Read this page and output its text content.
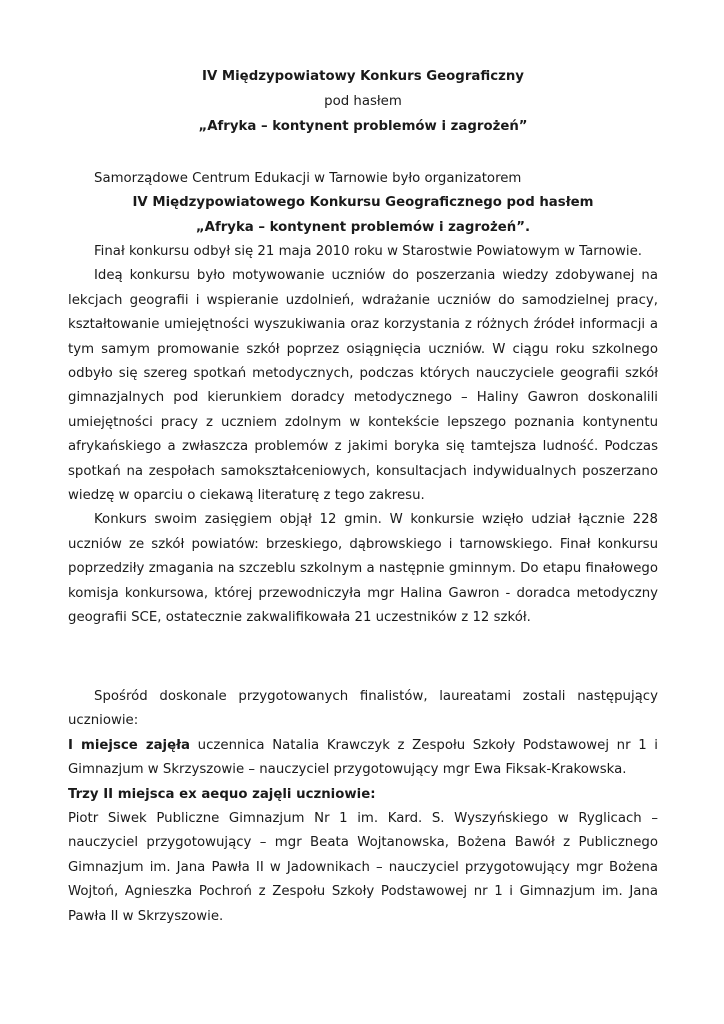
IV Międzypowiatowy Konkurs Geograficzny

pod hasłem

„Afryka – kontynent problemów i zagrożeń”

Samorządowe Centrum Edukacji w Tarnowie było organizatorem

IV Międzypowiatowego Konkursu Geograficznego pod hasłem

„Afryka – kontynent problemów i zagrożeń”.

Finał konkursu odbył się 21 maja 2010 roku w Starostwie Powiatowym w Tarnowie.

Ideą konkursu było motywowanie uczniów do poszerzania wiedzy zdobywanej na lekcjach geografii i wspieranie uzdolnień, wdrażanie uczniów do samodzielnej pracy, kształtowanie umiejętności wyszukiwania oraz korzystania z różnych źródeł informacji a tym samym promowanie szkół poprzez osiągnięcia uczniów. W ciągu roku szkolnego odbyło się szereg spotkań metodycznych, podczas których nauczyciele geografii szkół gimnazjalnych pod kierunkiem doradcy metodycznego – Haliny Gawron doskonalili umiejętności pracy z uczniem zdolnym w kontekście lepszego poznania kontynentu afrykańskiego a zwłaszcza problemów z jakimi boryka się tamtejsza ludność. Podczas spotkań na zespołach samokształceniowych, konsultacjach indywidualnych poszerzano wiedzę w oparciu o ciekawą literaturę z tego zakresu.

Konkurs swoim zasięgiem objął 12 gmin. W konkursie wzięło udział łącznie 228 uczniów ze szkół powiatów: brzeskiego, dąbrowskiego i tarnowskiego. Finał konkursu poprzedziły zmagania na szczeblu szkolnym a następnie gminnym. Do etapu finałowego komisja konkursowa, której przewodniczyła mgr Halina Gawron - doradca metodyczny geografii SCE, ostatecznie zakwalifikowała 21 uczestników z 12 szkół.

Spośród doskonale przygotowanych finalistów, laureatami zostali następujący uczniowie:

I miejsce zajęła uczennica Natalia Krawczyk z Zespołu Szkoły Podstawowej nr 1 i Gimnazjum w Skrzyszowie – nauczyciel przygotowujący mgr Ewa Fiksak-Krakowska.

Trzy II miejsca ex aequo zajęli uczniowie:

Piotr Siwek Publiczne Gimnazjum Nr 1 im. Kard. S. Wyszyńskiego w Ryglicach –nauczyciel przygotowujący – mgr Beata Wojtanowska, Bożena Bawół z Publicznego Gimnazjum im. Jana Pawła II w Jadownikach – nauczyciel przygotowujący mgr Bożena Wojtoń, Agnieszka Pochroń z Zespołu Szkoły Podstawowej nr 1 i Gimnazjum im. Jana Pawła II w Skrzyszowie.
